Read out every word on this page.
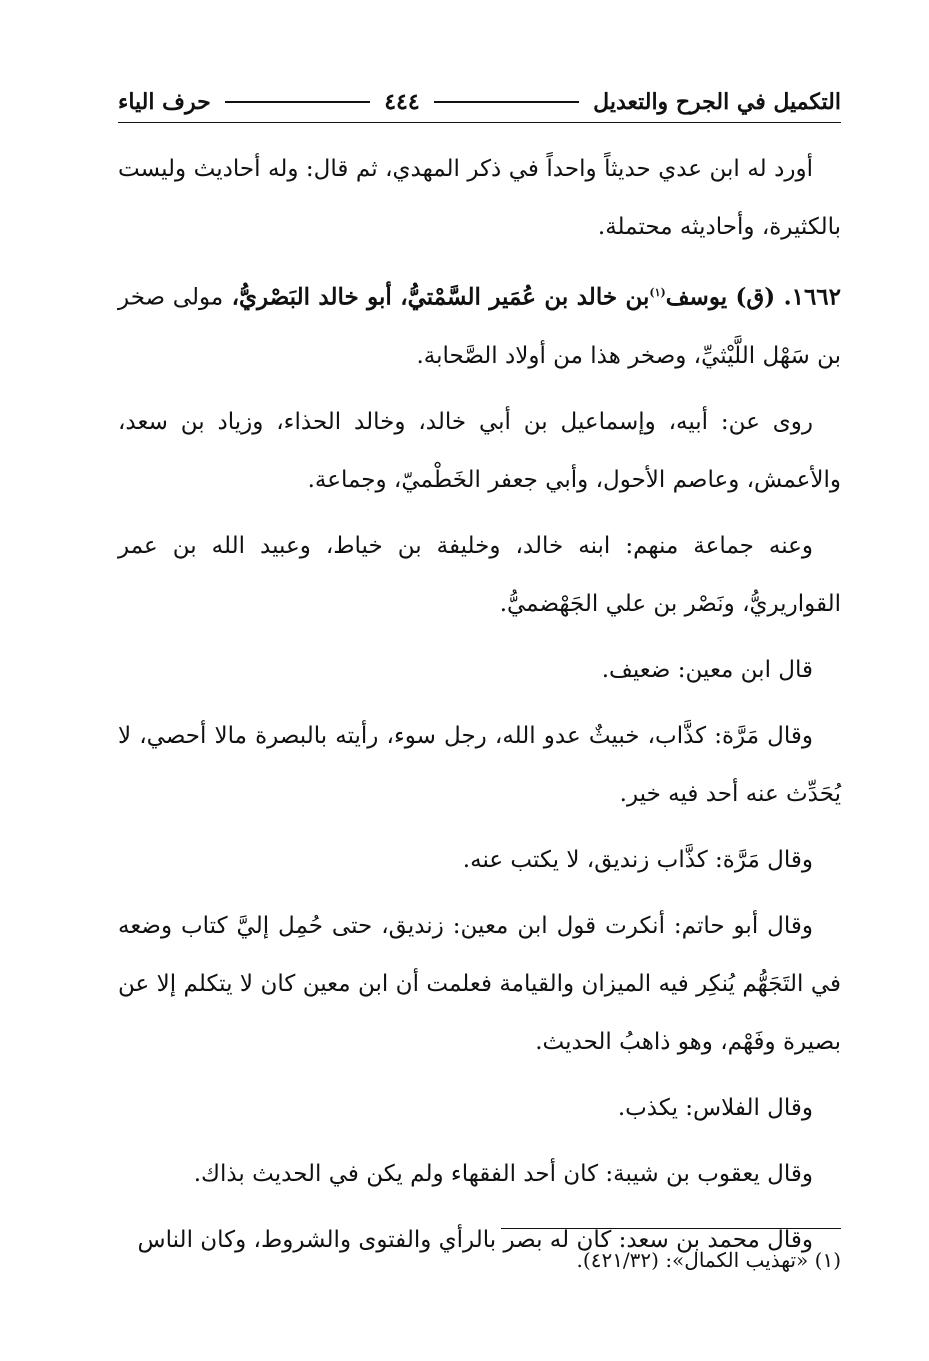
التكميل في الجرح والتعديل
٤٤٤
حرف الياء

أورد له ابن عدي حديثاً واحداً في ذكر المهدي، ثم قال: وله أحاديث وليست بالكثيرة، وأحاديثه محتملة.

١٦٦٢. (ق) يوسف$^{(١)}$بن خالد بن عُمَير السَّمْتيُّ، أبو خالد البَصْريُّ، مولى صخر بن سَهْل اللَّيْثيِّ، وصخر هذا من أولاد الصَّحابة.

روى عن: أبيه، وإسماعيل بن أبي خالد، وخالد الحذاء، وزياد بن سعد، والأعمش، وعاصم الأحول، وأبي جعفر الخَطْميّ، وجماعة.

وعنه جماعة منهم: ابنه خالد، وخليفة بن خياط، وعبيد الله بن عمر القواريريُّ، ونَصْر بن علي الجَهْضميُّ.

قال ابن معين: ضعيف.

وقال مَرَّة: كذَّاب، خبيثٌ عدو الله، رجل سوء، رأيته بالبصرة مالا أحصي، لا يُحَدِّث عنه أحد فيه خير.

وقال مَرَّة: كذَّاب زنديق، لا يكتب عنه.

وقال أبو حاتم: أنكرت قول ابن معين: زنديق، حتى حُمِل إليَّ كتاب وضعه في التَجَهُّم يُنكِر فيه الميزان والقيامة فعلمت أن ابن معين كان لا يتكلم إلا عن بصيرة وفَهْم، وهو ذاهبُ الحديث.

وقال الفلاس: يكذب.

وقال يعقوب بن شيبة: كان أحد الفقهاء ولم يكن في الحديث بذاك.

وقال محمد بن سعد: كان له بصر بالرأي والفتوى والشروط، وكان الناس

(١) «تهذيب الكمال»: (٤٢١/٣٢).
